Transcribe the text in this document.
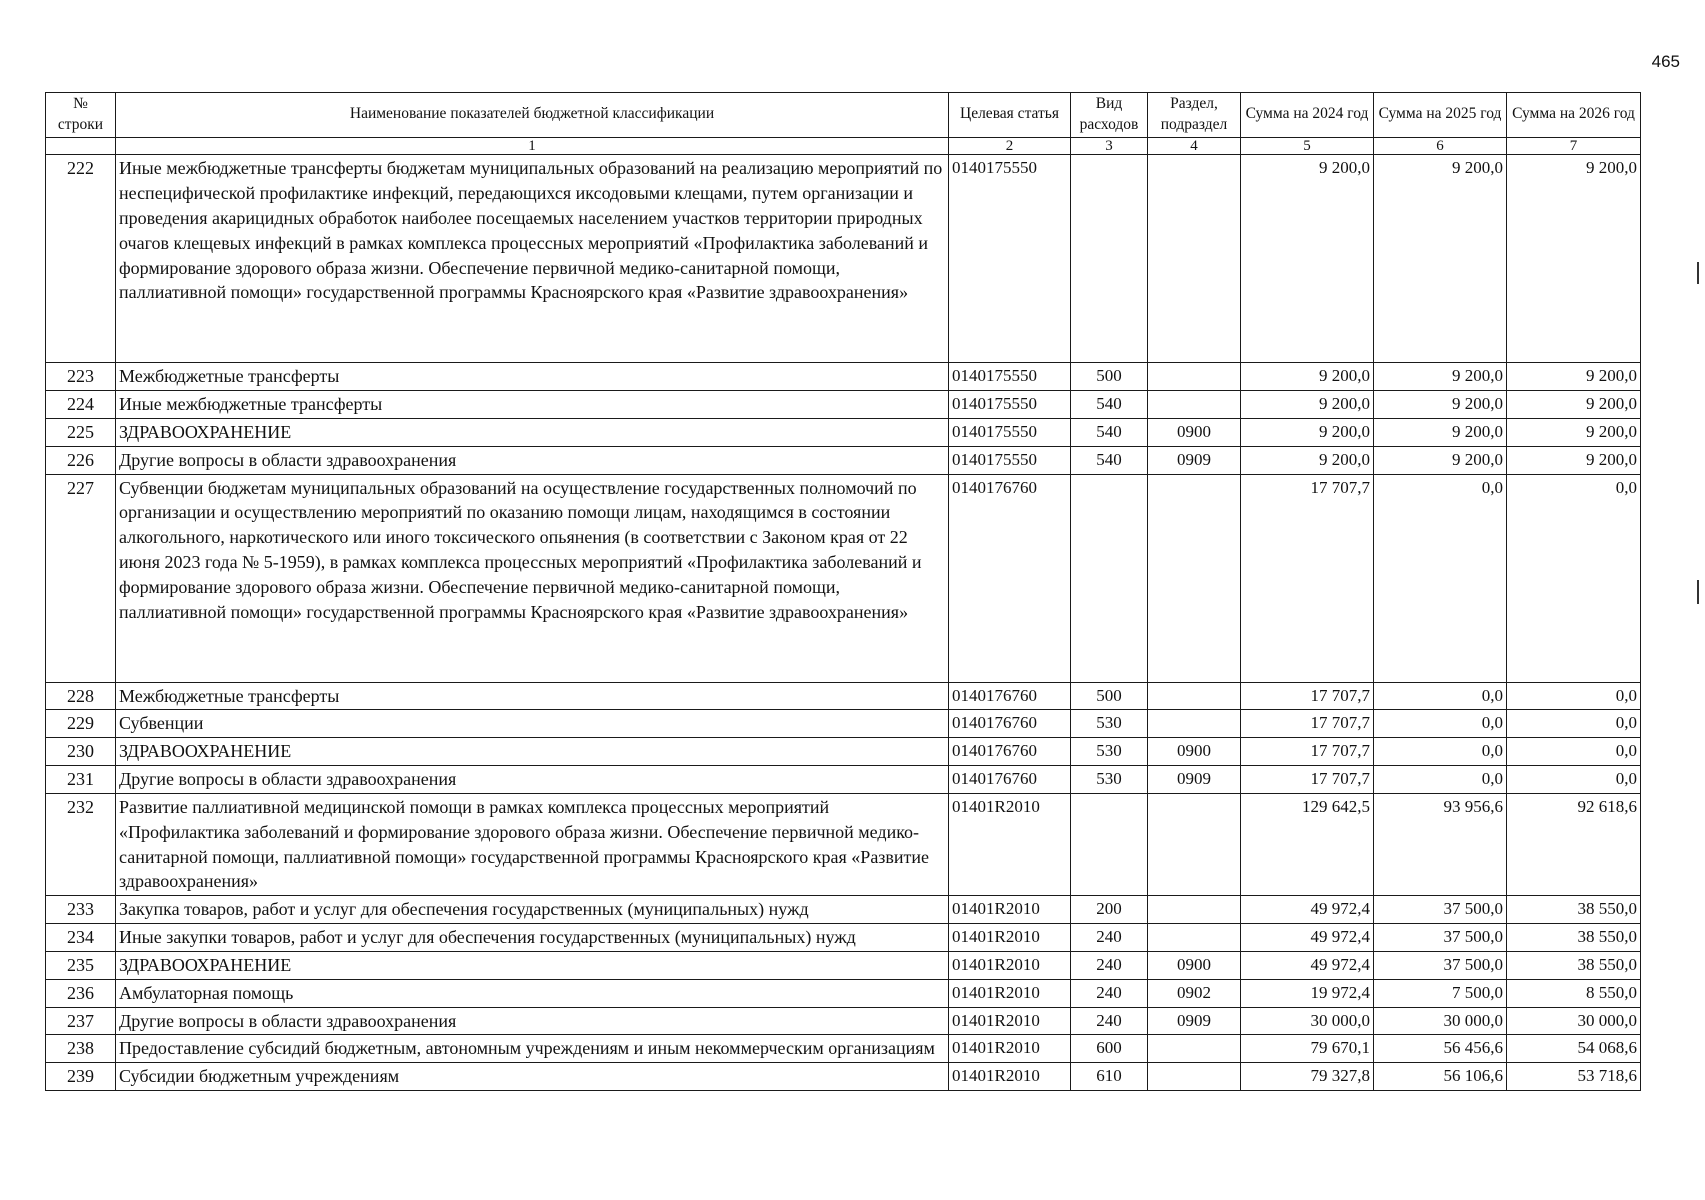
465
№ строки	Наименование показателей бюджетной классификации	Целевая статья	Вид расходов	Раздел, подраздел	Сумма на 2024 год	Сумма на 2025 год	Сумма на 2026 год
	1	2	3	4	5	6	7
222	Иные межбюджетные трансферты бюджетам муниципальных образований на реализацию мероприятий по неспецифической профилактике инфекций, передающихся иксодовыми клещами, путем организации и проведения акарицидных обработок наиболее посещаемых населением участков территории природных очагов клещевых инфекций в рамках комплекса процессных мероприятий «Профилактика заболеваний и формирование здорового образа жизни. Обеспечение первичной медико-санитарной помощи, паллиативной помощи» государственной программы Красноярского края «Развитие здравоохранения»	0140175550			9 200,0	9 200,0	9 200,0
223	Межбюджетные трансферты	0140175550	500		9 200,0	9 200,0	9 200,0
224	Иные межбюджетные трансферты	0140175550	540		9 200,0	9 200,0	9 200,0
225	ЗДРАВООХРАНЕНИЕ	0140175550	540	0900	9 200,0	9 200,0	9 200,0
226	Другие вопросы в области здравоохранения	0140175550	540	0909	9 200,0	9 200,0	9 200,0
227	Субвенции бюджетам муниципальных образований на осуществление государственных полномочий по организации и осуществлению мероприятий по оказанию помощи лицам, находящимся в состоянии алкогольного, наркотического или иного токсического опьянения (в соответствии с Законом края от 22 июня 2023 года № 5-1959), в рамках комплекса процессных мероприятий «Профилактика заболеваний и формирование здорового образа жизни. Обеспечение первичной медико-санитарной помощи, паллиативной помощи» государственной программы Красноярского края «Развитие здравоохранения»	0140176760			17 707,7	0,0	0,0
228	Межбюджетные трансферты	0140176760	500		17 707,7	0,0	0,0
229	Субвенции	0140176760	530		17 707,7	0,0	0,0
230	ЗДРАВООХРАНЕНИЕ	0140176760	530	0900	17 707,7	0,0	0,0
231	Другие вопросы в области здравоохранения	0140176760	530	0909	17 707,7	0,0	0,0
232	Развитие паллиативной медицинской помощи в рамках комплекса процессных мероприятий «Профилактика заболеваний и формирование здорового образа жизни. Обеспечение первичной медико-санитарной помощи, паллиативной помощи» государственной программы Красноярского края «Развитие здравоохранения»	01401R2010			129 642,5	93 956,6	92 618,6
233	Закупка товаров, работ и услуг для обеспечения государственных (муниципальных) нужд	01401R2010	200		49 972,4	37 500,0	38 550,0
234	Иные закупки товаров, работ и услуг для обеспечения государственных (муниципальных) нужд	01401R2010	240		49 972,4	37 500,0	38 550,0
235	ЗДРАВООХРАНЕНИЕ	01401R2010	240	0900	49 972,4	37 500,0	38 550,0
236	Амбулаторная помощь	01401R2010	240	0902	19 972,4	7 500,0	8 550,0
237	Другие вопросы в области здравоохранения	01401R2010	240	0909	30 000,0	30 000,0	30 000,0
238	Предоставление субсидий бюджетным, автономным учреждениям и иным некоммерческим организациям	01401R2010	600		79 670,1	56 456,6	54 068,6
239	Субсидии бюджетным учреждениям	01401R2010	610		79 327,8	56 106,6	53 718,6
